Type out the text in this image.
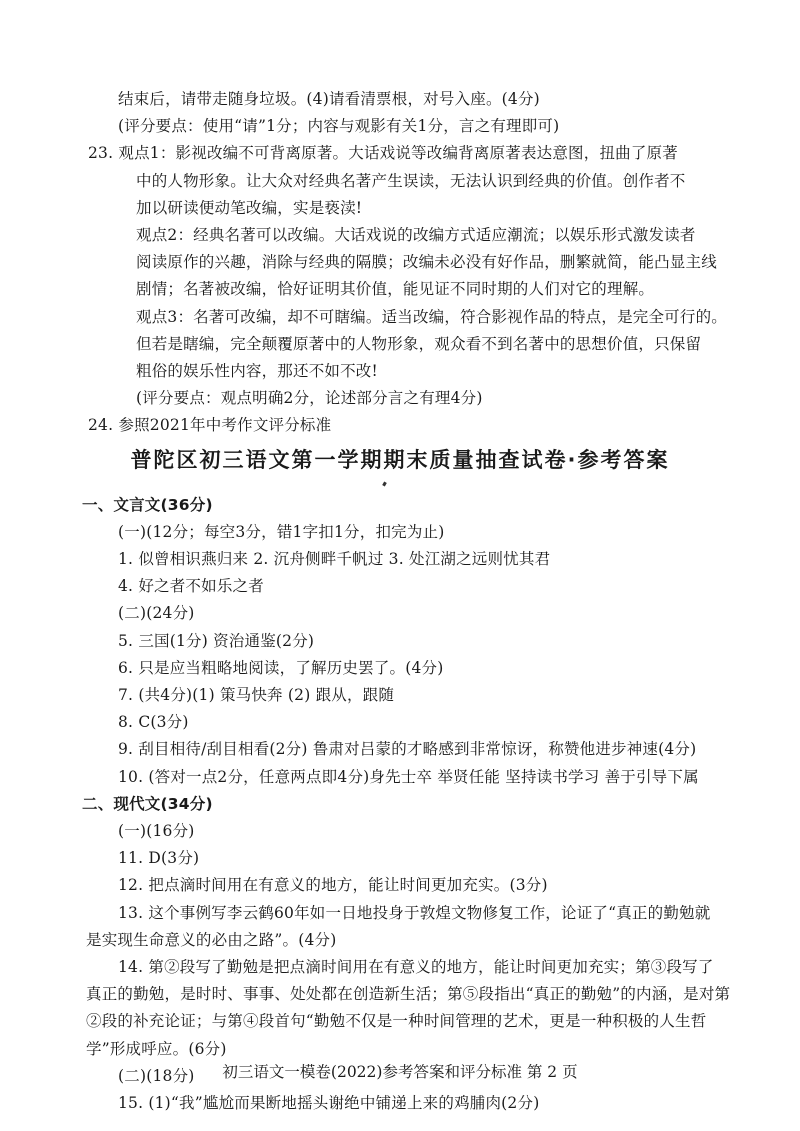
结束后，请带走随身垃圾。(4)请看清票根，对号入座。(4分)
(评分要点：使用“请”1分；内容与观影有关1分，言之有理即可)
23. 观点1：影视改编不可背离原著。大话戏说等改编背离原著表达意图，扭曲了原著
中的人物形象。让大众对经典名著产生误读，无法认识到经典的价值。创作者不
加以研读便动笔改编，实是亵渎!
观点2：经典名著可以改编。大话戏说的改编方式适应潮流；以娱乐形式激发读者
阅读原作的兴趣，消除与经典的隔膜；改编未必没有好作品，删繁就简，能凸显主线
剧情；名著被改编，恰好证明其价值，能见证不同时期的人们对它的理解。
观点3：名著可改编，却不可瞎编。适当改编，符合影视作品的特点，是完全可行的。
但若是瞎编，完全颠覆原著中的人物形象，观众看不到名著中的思想价值，只保留
粗俗的娱乐性内容，那还不如不改!
(评分要点：观点明确2分，论述部分言之有理4分)
24. 参照2021年中考作文评分标准
普陀区初三语文第一学期期末质量抽查试卷·参考答案
一、文言文(36分)
(一)(12分；每空3分，错1字扣1分，扣完为止)
1. 似曾相识燕归来 2. 沉舟侧畔千帆过 3. 处江湖之远则忧其君
4. 好之者不如乐之者
(二)(24分)
5. 三国(1分) 资治通鉴(2分)
6. 只是应当粗略地阅读，了解历史罢了。(4分)
7. (共4分)(1) 策马快奔 (2) 跟从，跟随
8. C(3分)
9. 刮目相待/刮目相看(2分) 鲁肃对吕蒙的才略感到非常惊讶，称赞他进步神速(4分)
10. (答对一点2分，任意两点即4分)身先士卒 举贤任能 坚持读书学习 善于引导下属
二、现代文(34分)
(一)(16分)
11. D(3分)
12. 把点滴时间用在有意义的地方，能让时间更加充实。(3分)
13. 这个事例写李云鹤60年如一日地投身于敦煌文物修复工作，论证了“真正的勤勉就
是实现生命意义的必由之路”。(4分)
14. 第②段写了勤勉是把点滴时间用在有意义的地方，能让时间更加充实；第③段写了
真正的勤勉，是时时、事事、处处都在创造新生活；第⑤段指出“真正的勤勉”的内涵，是对第
②段的补充论证；与第④段首句“勤勉不仅是一种时间管理的艺术，更是一种积极的人生哲
学”形成呼应。(6分)
(二)(18分)
15. (1)“我”尴尬而果断地摇头谢绝中铺递上来的鸡脯肉(2分)
初三语文一模卷(2022)参考答案和评分标准 第 2 页
